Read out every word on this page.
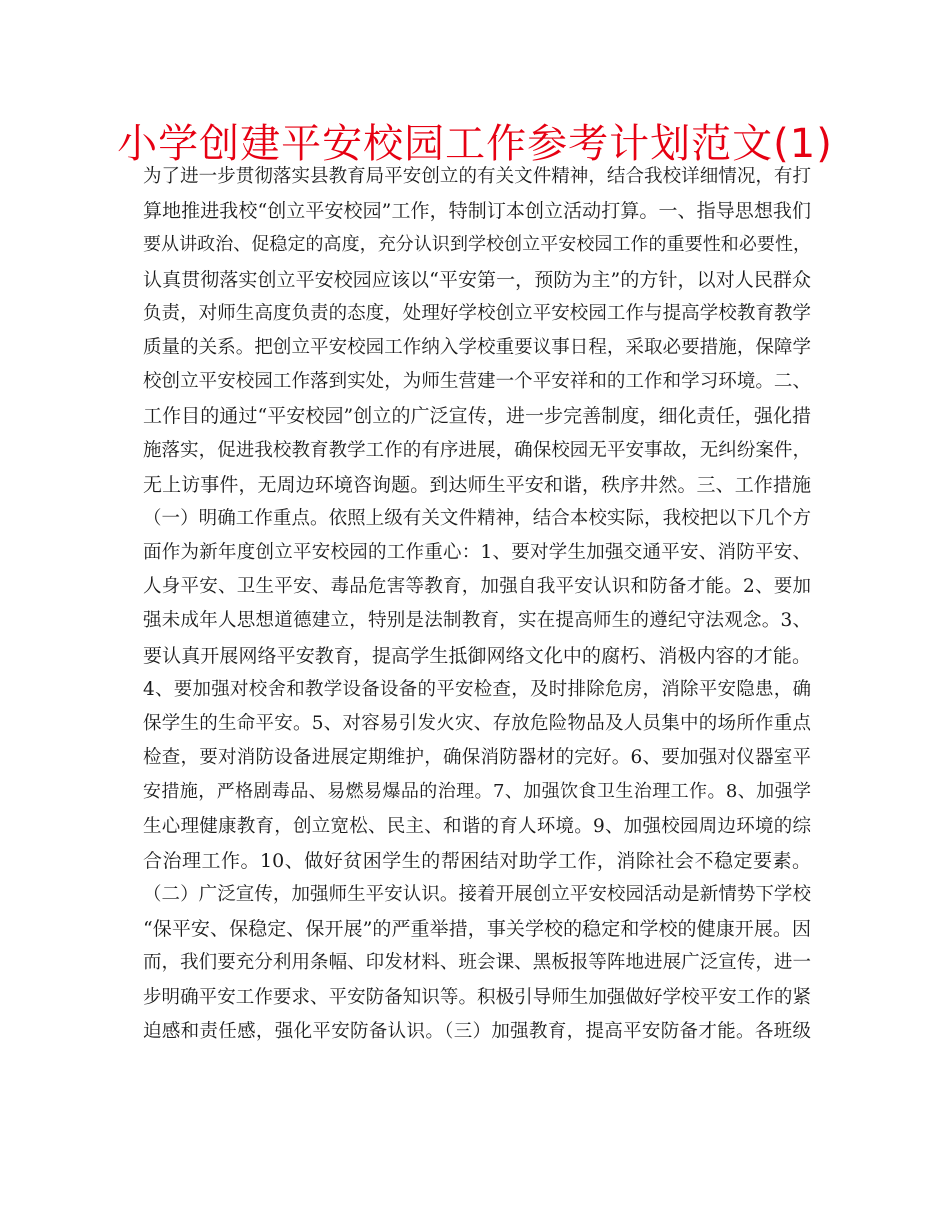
小学创建平安校园工作参考计划范文(1)
为了进一步贯彻落实县教育局平安创立的有关文件精神，结合我校详细情况，有打
算地推进我校“创立平安校园”工作，特制订本创立活动打算。一、指导思想我们
要从讲政治、促稳定的高度，充分认识到学校创立平安校园工作的重要性和必要性，
认真贯彻落实创立平安校园应该以“平安第一，预防为主”的方针，以对人民群众
负责，对师生高度负责的态度，处理好学校创立平安校园工作与提高学校教育教学
质量的关系。把创立平安校园工作纳入学校重要议事日程，采取必要措施，保障学
校创立平安校园工作落到实处，为师生营建一个平安祥和的工作和学习环境。二、
工作目的通过“平安校园”创立的广泛宣传，进一步完善制度，细化责任，强化措
施落实，促进我校教育教学工作的有序进展，确保校园无平安事故，无纠纷案件，
无上访事件，无周边环境咨询题。到达师生平安和谐，秩序井然。三、工作措施
（一）明确工作重点。依照上级有关文件精神，结合本校实际，我校把以下几个方
面作为新年度创立平安校园的工作重心：1、要对学生加强交通平安、消防平安、
人身平安、卫生平安、毒品危害等教育，加强自我平安认识和防备才能。2、要加
强未成年人思想道德建立，特别是法制教育，实在提高师生的遵纪守法观念。3、
要认真开展网络平安教育，提高学生抵御网络文化中的腐朽、消极内容的才能。
4、要加强对校舍和教学设备设备的平安检查，及时排除危房，消除平安隐患，确
保学生的生命平安。5、对容易引发火灾、存放危险物品及人员集中的场所作重点
检查，要对消防设备进展定期维护，确保消防器材的完好。6、要加强对仪器室平
安措施，严格剧毒品、易燃易爆品的治理。7、加强饮食卫生治理工作。8、加强学
生心理健康教育，创立宽松、民主、和谐的育人环境。9、加强校园周边环境的综
合治理工作。10、做好贫困学生的帮困结对助学工作，消除社会不稳定要素。
（二）广泛宣传，加强师生平安认识。接着开展创立平安校园活动是新情势下学校
“保平安、保稳定、保开展”的严重举措，事关学校的稳定和学校的健康开展。因
而，我们要充分利用条幅、印发材料、班会课、黑板报等阵地进展广泛宣传，进一
步明确平安工作要求、平安防备知识等。积极引导师生加强做好学校平安工作的紧
迫感和责任感，强化平安防备认识。（三）加强教育，提高平安防备才能。各班级
